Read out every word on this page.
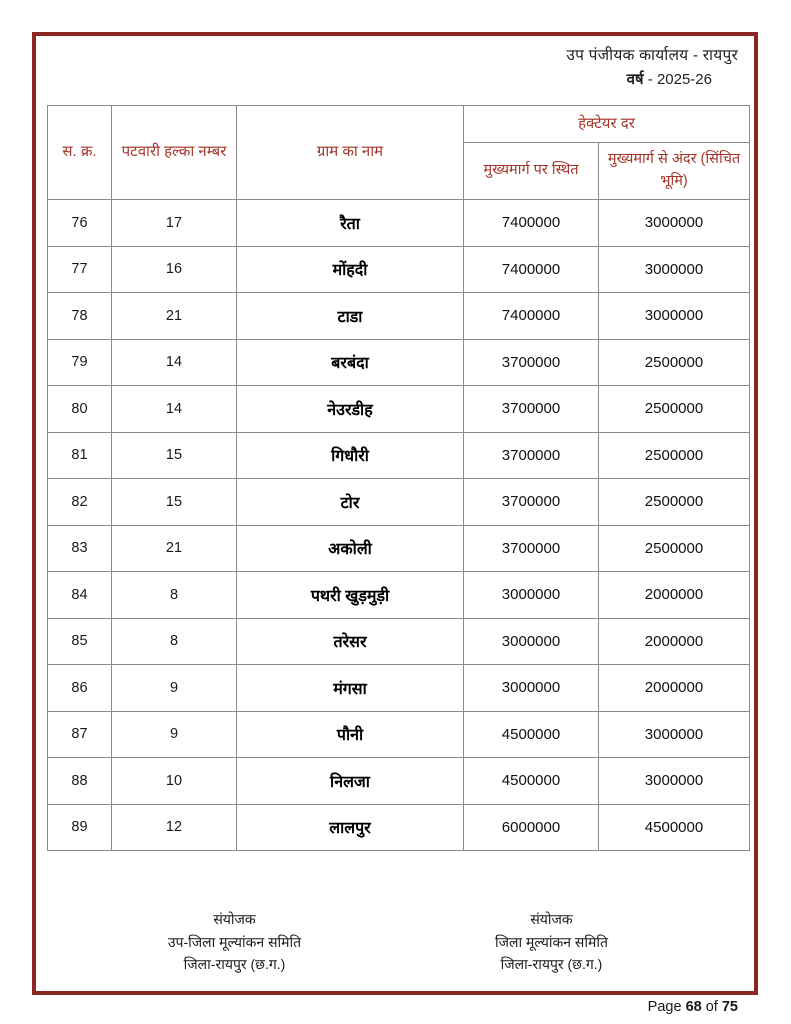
उप पंजीयक कार्यालय - रायपुर
वर्ष - 2025-26
स. क्र.	पटवारी हल्का नम्बर	ग्राम का नाम	हेक्टेयर दर	
			मुख्यमार्ग पर स्थित	मुख्यमार्ग से अंदर (सिंचित भूमि)
76	17	रैता	7400000	3000000
77	16	मोंहदी	7400000	3000000
78	21	टाडा	7400000	3000000
79	14	बरबंदा	3700000	2500000
80	14	नेउरडीह	3700000	2500000
81	15	गिधौरी	3700000	2500000
82	15	टोर	3700000	2500000
83	21	अकोली	3700000	2500000
84	8	पथरी खुड़मुड़ी	3000000	2000000
85	8	तरेसर	3000000	2000000
86	9	मंगसा	3000000	2000000
87	9	पौनी	4500000	3000000
88	10	निलजा	4500000	3000000
89	12	लालपुर	6000000	4500000
संयोजक
उप-जिला मूल्यांकन समिति
जिला-रायपुर (छ.ग.)
संयोजक
जिला मूल्यांकन समिति
जिला-रायपुर (छ.ग.)
Page 68 of 75
